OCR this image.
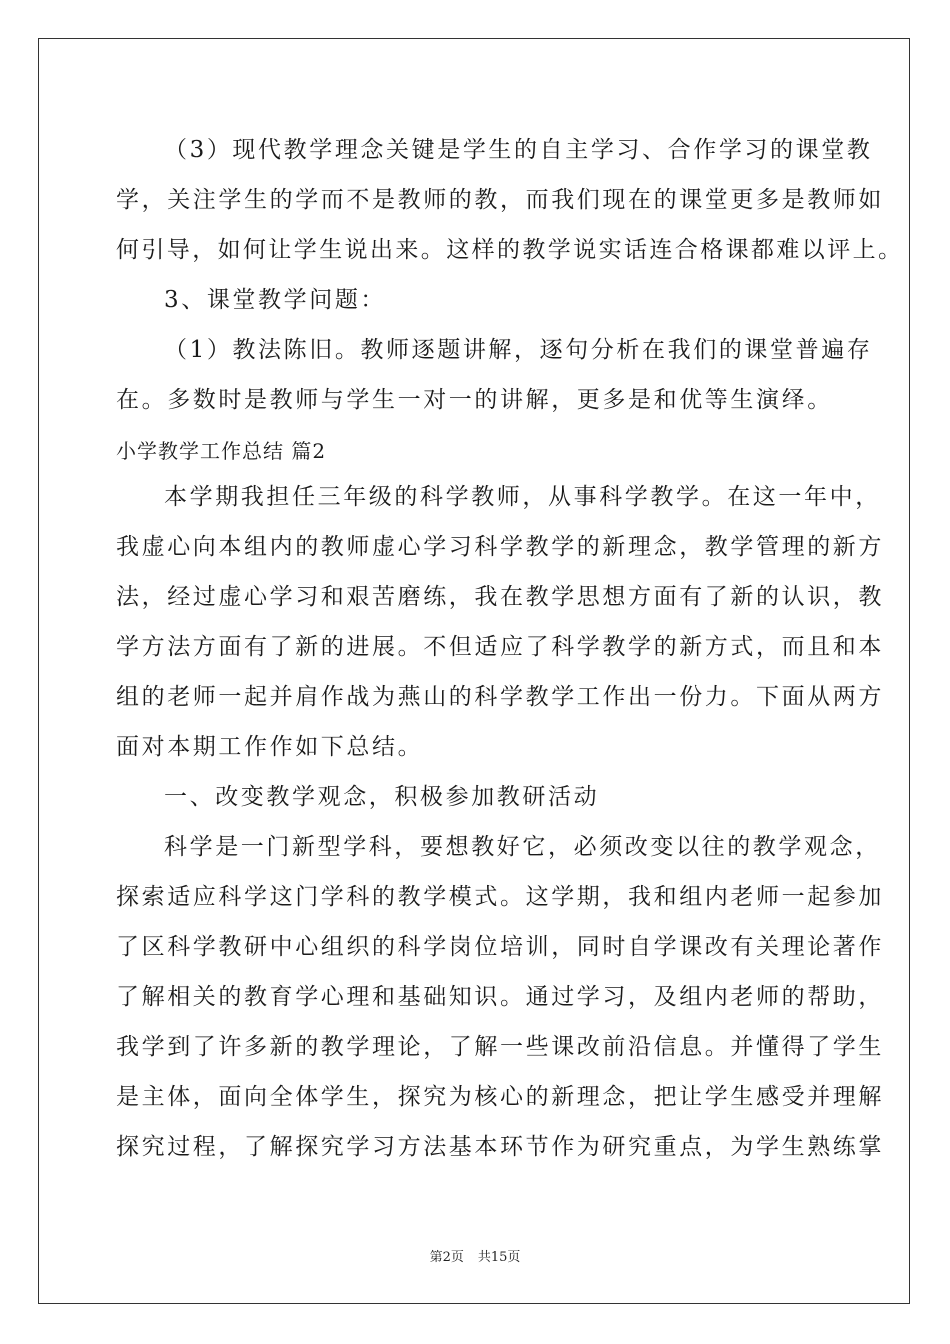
（3）现代教学理念关键是学生的自主学习、合作学习的课堂教
学，关注学生的学而不是教师的教，而我们现在的课堂更多是教师如
何引导，如何让学生说出来。这样的教学说实话连合格课都难以评上。
3、课堂教学问题：
（1）教法陈旧。教师逐题讲解，逐句分析在我们的课堂普遍存
在。多数时是教师与学生一对一的讲解，更多是和优等生演绎。
小学教学工作总结 篇2
本学期我担任三年级的科学教师，从事科学教学。在这一年中，
我虚心向本组内的教师虚心学习科学教学的新理念，教学管理的新方
法，经过虚心学习和艰苦磨练，我在教学思想方面有了新的认识，教
学方法方面有了新的进展。不但适应了科学教学的新方式，而且和本
组的老师一起并肩作战为燕山的科学教学工作出一份力。下面从两方
面对本期工作作如下总结。
一、改变教学观念，积极参加教研活动
科学是一门新型学科，要想教好它，必须改变以往的教学观念，
探索适应科学这门学科的教学模式。这学期，我和组内老师一起参加
了区科学教研中心组织的科学岗位培训，同时自学课改有关理论著作
了解相关的教育学心理和基础知识。通过学习，及组内老师的帮助，
我学到了许多新的教学理论，了解一些课改前沿信息。并懂得了学生
是主体，面向全体学生，探究为核心的新理念，把让学生感受并理解
探究过程，了解探究学习方法基本环节作为研究重点，为学生熟练掌
第2页 共15页
